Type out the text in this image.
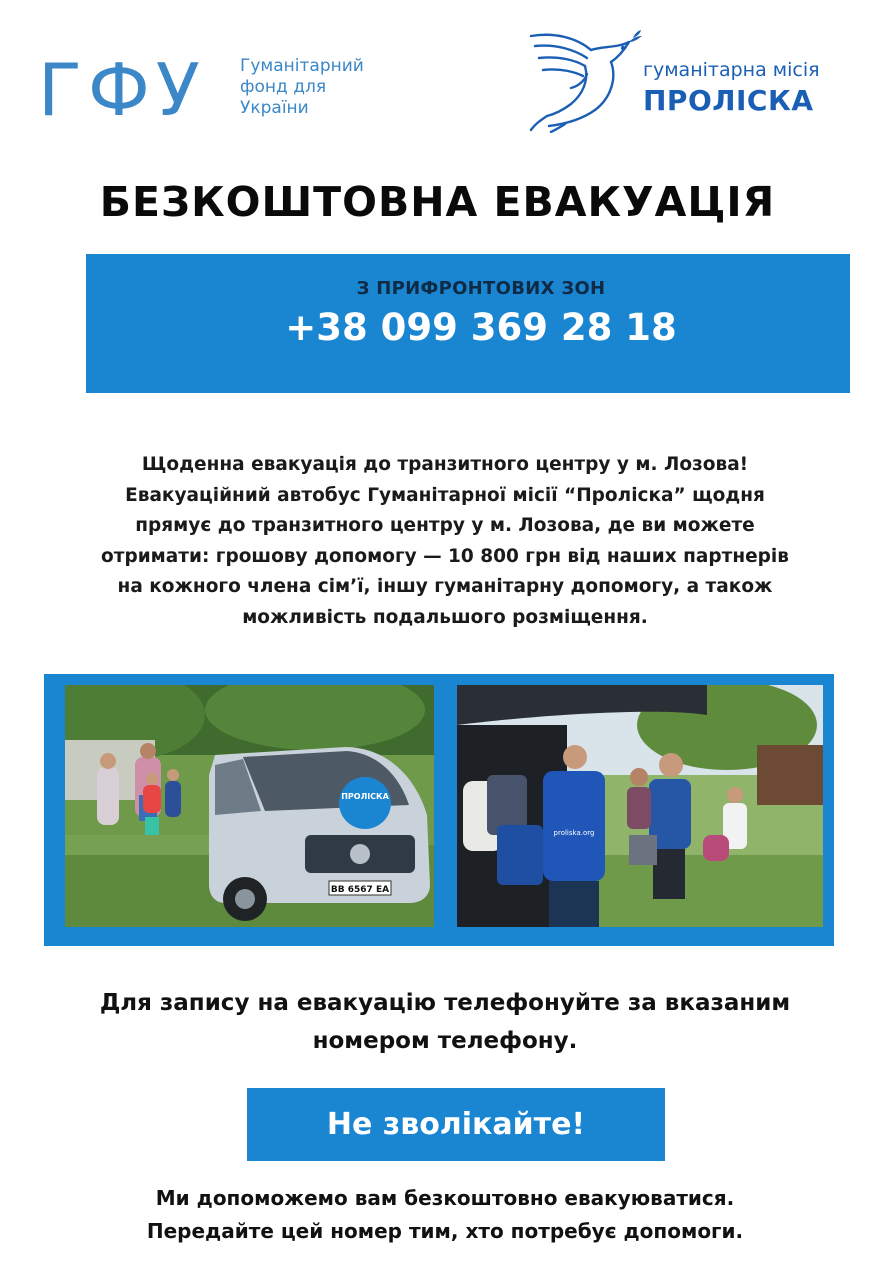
ГФУ Гуманітарний
фонд для
України
гуманітарна місія
ПРОЛІСКА
БЕЗКОШТОВНА ЕВАКУАЦІЯ
З ПРИФРОНТОВИХ ЗОН
+38 099 369 28 18
Щоденна евакуація до транзитного центру у м. Лозова!
Евакуаційний автобус Гуманітарної місії “Проліска” щодня
прямує до транзитного центру у м. Лозова, де ви можете
отримати: грошову допомогу — 10 800 грн від наших партнерів
на кожного члена сім’ї, іншу гуманітарну допомогу, а також
можливість подальшого розміщення.
ПРОЛІСКА
ВВ 6567 ЕА
proliska.org
Для запису на евакуацію телефонуйте за вказаним
номером телефону.
Не зволікайте!
Ми допоможемо вам безкоштовно евакуюватися.
Передайте цей номер тим, хто потребує допомоги.
